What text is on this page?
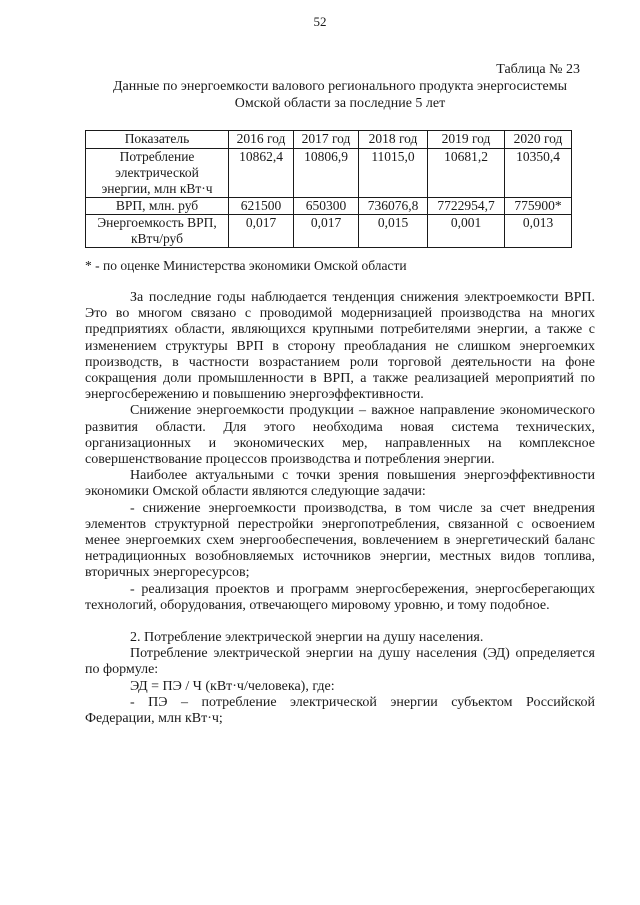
52
Таблица № 23
Данные по энергоемкости валового регионального продукта энергосистемы
Омской области за последние 5 лет
Показатель	2016 год	2017 год	2018 год	2019 год	2020 год
Потребление электрической энергии, млн кВт·ч	10862,4	10806,9	11015,0	10681,2	10350,4
ВРП, млн. руб	621500	650300	736076,8	7722954,7	775900*
Энергоемкость ВРП, кВтч/руб	0,017	0,017	0,015	0,001	0,013
* - по оценке Министерства экономики Омской области

За последние годы наблюдается тенденция снижения электроемкости ВРП. Это во многом связано с проводимой модернизацией производства на многих предприятиях области, являющихся крупными потребителями энергии, а также с изменением структуры ВРП в сторону преобладания не слишком энергоемких производств, в частности возрастанием роли торговой деятельности на фоне сокращения доли промышленности в ВРП, а также реализацией мероприятий по энергосбережению и повышению энергоэффективности.

Снижение энергоемкости продукции – важное направление экономического развития области. Для этого необходима новая система технических, организационных и экономических мер, направленных на комплексное совершенствование процессов производства и потребления энергии.

Наиболее актуальными с точки зрения повышения энергоэффективности экономики Омской области являются следующие задачи:

- снижение энергоемкости производства, в том числе за счет внедрения элементов структурной перестройки энергопотребления, связанной с освоением менее энергоемких схем энергообеспечения, вовлечением в энергетический баланс нетрадиционных возобновляемых источников энергии, местных видов топлива, вторичных энергоресурсов;

- реализация проектов и программ энергосбережения, энергосберегающих технологий, оборудования, отвечающего мировому уровню, и тому подобное.

2. Потребление электрической энергии на душу населения.

Потребление электрической энергии на душу населения (ЭД) определяется по формуле:

ЭД = ПЭ / Ч (кВт·ч/человека), где:

- ПЭ – потребление электрической энергии субъектом Российской Федерации, млн кВт·ч;
